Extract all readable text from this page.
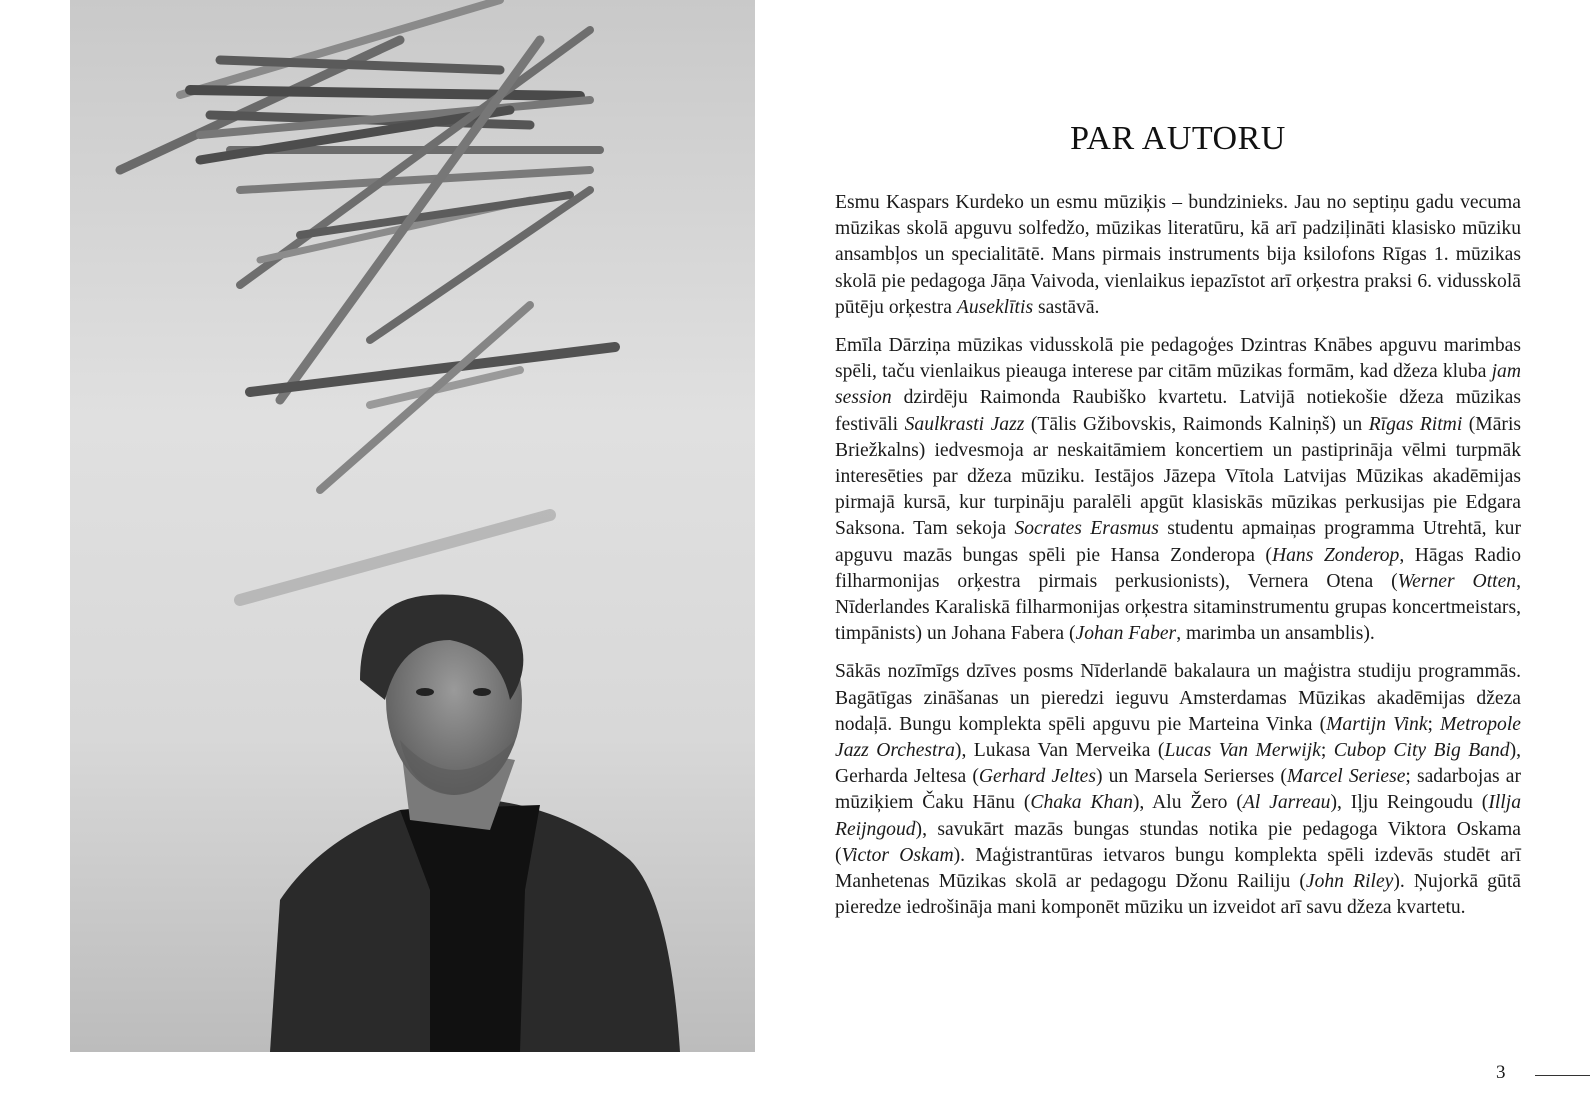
PAR AUTORU

Esmu Kaspars Kurdeko un esmu mūziķis – bundzinieks. Jau no septiņu gadu vecuma mūzikas skolā apguvu solfedžo, mūzikas literatūru, kā arī padziļināti klasisko mūziku ansambļos un specialitātē. Mans pirmais instruments bija ksilofons Rīgas 1. mūzikas skolā pie pedagoga Jāņa Vaivoda, vienlaikus iepazīstot arī orķestra praksi 6. vidusskolā pūtēju orķestra Auseklītis sastāvā.

Emīla Dārziņa mūzikas vidusskolā pie pedagoģes Dzintras Knābes apguvu marimbas spēli, taču vienlaikus pieauga interese par citām mūzikas formām, kad džeza kluba jam session dzirdēju Raimonda Raubiško kvartetu. Latvijā notiekošie džeza mūzikas festivāli Saulkrasti Jazz (Tālis Gžibovskis, Raimonds Kalniņš) un Rīgas Ritmi (Māris Briežkalns) iedvesmoja ar neskaitāmiem koncertiem un pastiprināja vēlmi turpmāk interesēties par džeza mūziku. Iestājos Jāzepa Vītola Latvijas Mūzikas akadēmijas pirmajā kursā, kur turpināju paralēli apgūt klasiskās mūzikas perkusijas pie Edgara Saksona. Tam sekoja Socrates Erasmus studentu apmaiņas programma Utrehtā, kur apguvu mazās bungas spēli pie Hansa Zonderopa (Hans Zonderop, Hāgas Radio filharmonijas orķestra pirmais perkusionists), Vernera Otena (Werner Otten, Nīderlandes Karaliskā filharmonijas orķestra sitaminstrumentu grupas koncertmeistars, timpānists) un Johana Fabera (Johan Faber, marimba un ansamblis).

Sākās nozīmīgs dzīves posms Nīderlandē bakalaura un maģistra studiju programmās. Bagātīgas zināšanas un pieredzi ieguvu Amsterdamas Mūzikas akadēmijas džeza nodaļā. Bungu komplekta spēli apguvu pie Marteina Vinka (Martijn Vink; Metropole Jazz Orchestra), Lukasa Van Merveika (Lucas Van Merwijk; Cubop City Big Band), Gerharda Jeltesa (Gerhard Jeltes) un Marsela Serierses (Marcel Seriese; sadarbojas ar mūziķiem Čaku Hānu (Chaka Khan), Alu Žero (Al Jarreau), Iļju Reingoudu (Illja Reijngoud), savukārt mazās bungas stundas notika pie pedagoga Viktora Oskama (Victor Oskam). Maģistrantūras ietvaros bungu komplekta spēli izdevās studēt arī Manhetenas Mūzikas skolā ar pedagogu Džonu Railiju (John Riley). Ņujorkā gūtā pieredze iedrošināja mani komponēt mūziku un izveidot arī savu džeza kvartetu.

3
